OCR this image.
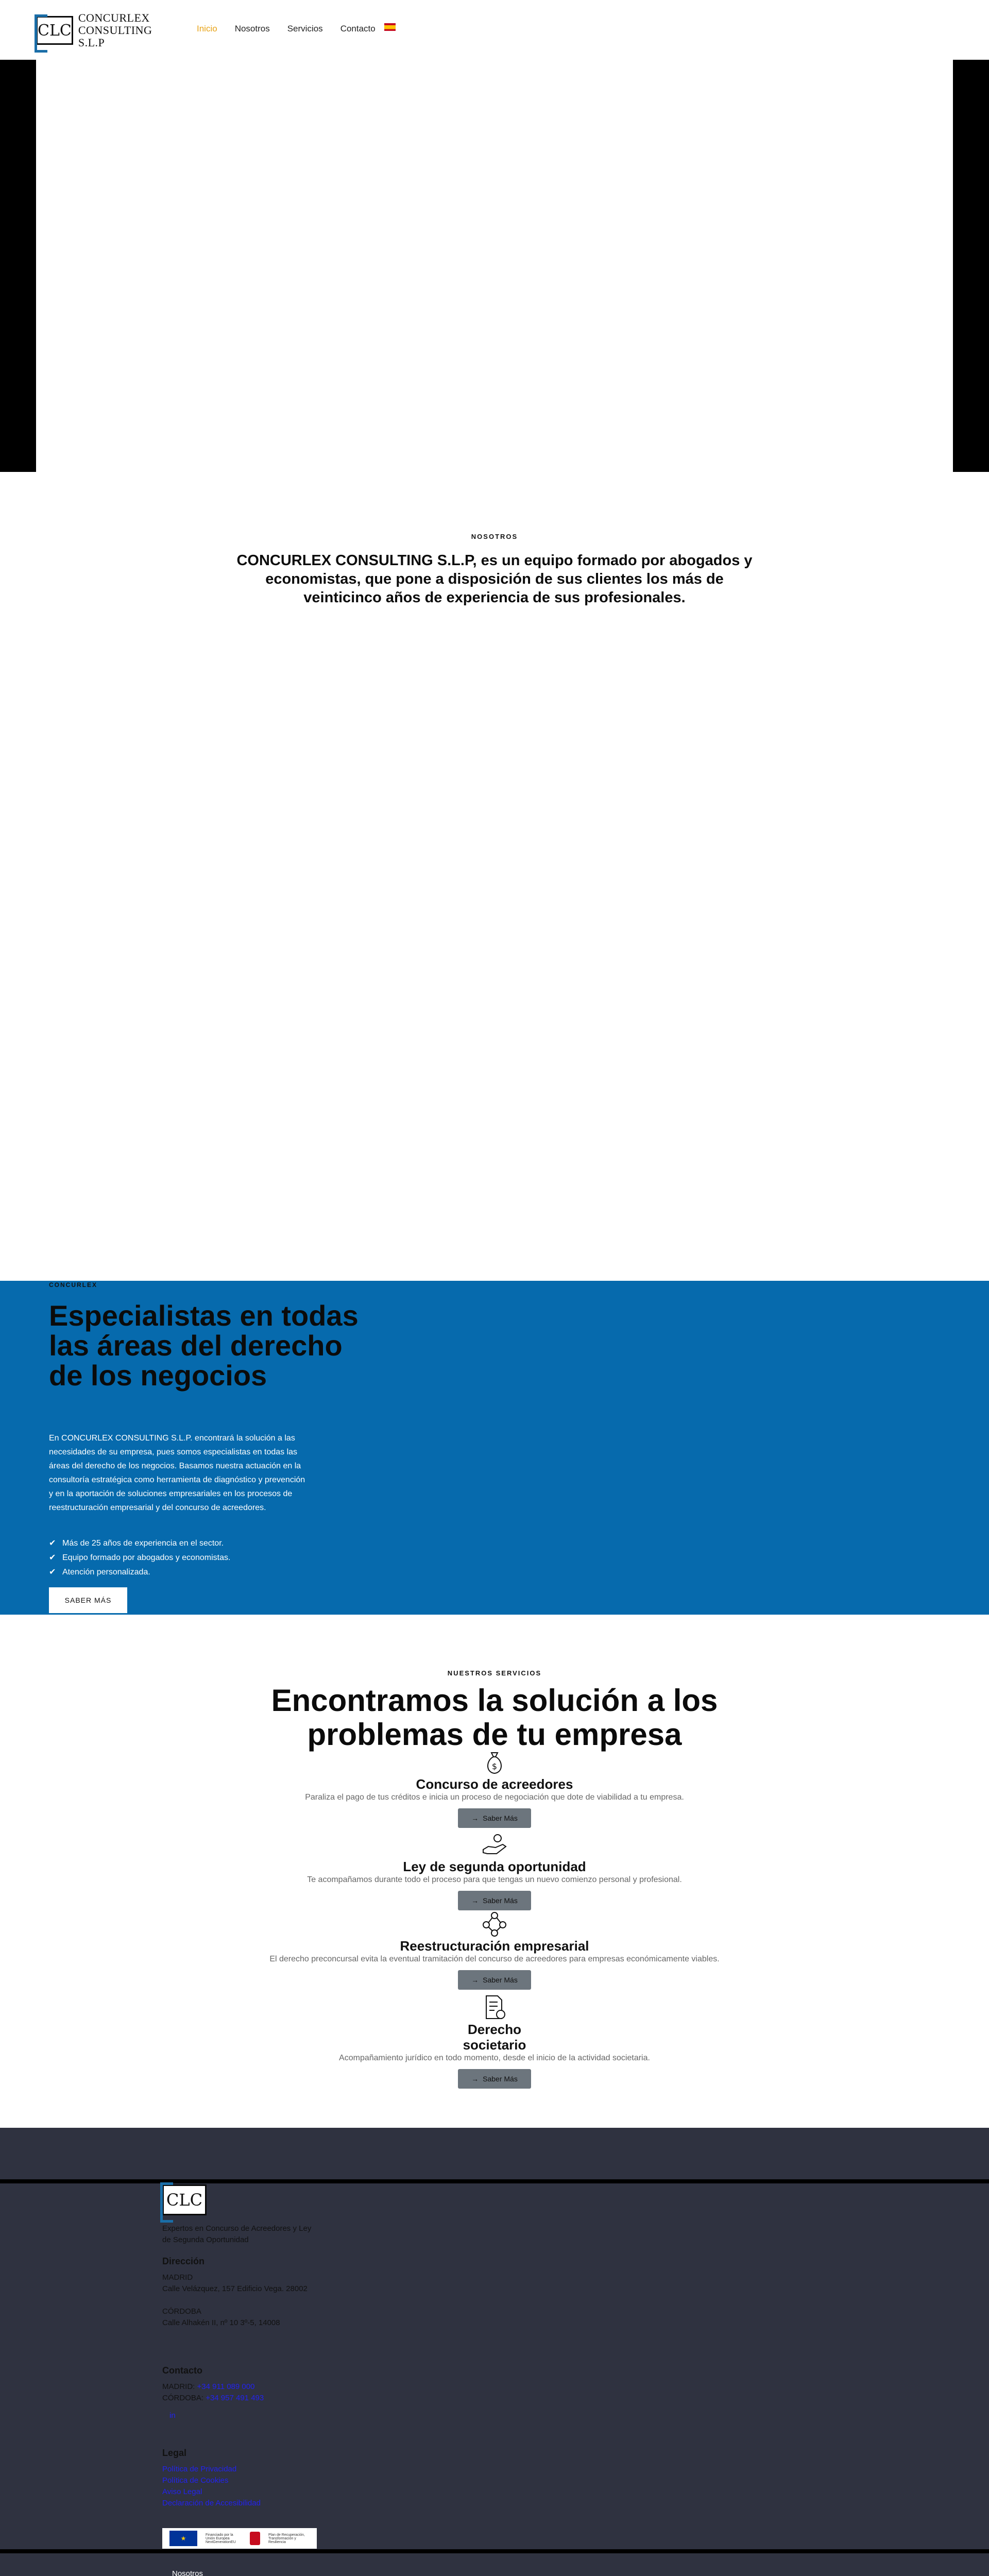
CLC
CONCURLEX
CONSULTING S.L.P
Inicio Nosotros Servicios Contacto
NOSOTROS
CONCURLEX CONSULTING S.L.P, es un equipo formado por abogados y economistas, que pone a disposición de sus clientes los más de veinticinco años de experiencia de sus profesionales.
CONCURLEX
Especialistas en todas las áreas del derecho de los negocios
En CONCURLEX CONSULTING S.L.P. encontrará la solución a las necesidades de su empresa, pues somos especialistas en todas las áreas del derecho de los negocios. Basamos nuestra actuación en la consultoría estratégica como herramienta de diagnóstico y prevención y en la aportación de soluciones empresariales en los procesos de reestructuración empresarial y del concurso de acreedores.
✔ Más de 25 años de experiencia en el sector.
✔ Equipo formado por abogados y economistas.
✔ Atención personalizada.
SABER MÁS
NUESTROS SERVICIOS
Encontramos la solución a los problemas de tu empresa
$
Concurso de acreedores

Paraliza el pago de tus créditos e inicia un proceso de negociación que dote de viabilidad a tu empresa.

→ Saber Más
Ley de segunda oportunidad

Te acompañamos durante todo el proceso para que tengas un nuevo comienzo personal y profesional.

→ Saber Más
Reestructuración empresarial

El derecho preconcursal evita la eventual tramitación del concurso de acreedores para empresas económicamente viables.

→ Saber Más
Derecho societario

Acompañamiento jurídico en todo momento, desde el inicio de la actividad societaria.

→ Saber Más
CLC
Expertos en Concurso de Acreedores y Ley de Segunda Oportunidad
Dirección
MADRID
Calle Velázquez, 157 Edificio Vega. 28002
CÓRDOBA
Calle Alhakén II, nº 10 3º-5, 14008
Contacto
MADRID: +34 911 089 000
CÓRDOBA: +34 957 491 493
in
Legal
Política de Privacidad
Política de Cookies
Aviso Legal
Declaración de Accesibilidad
★	Financiado por la Unión Europea NextGenerationEU
Plan de Recuperación, Transformación y Resiliencia
Nosotros
